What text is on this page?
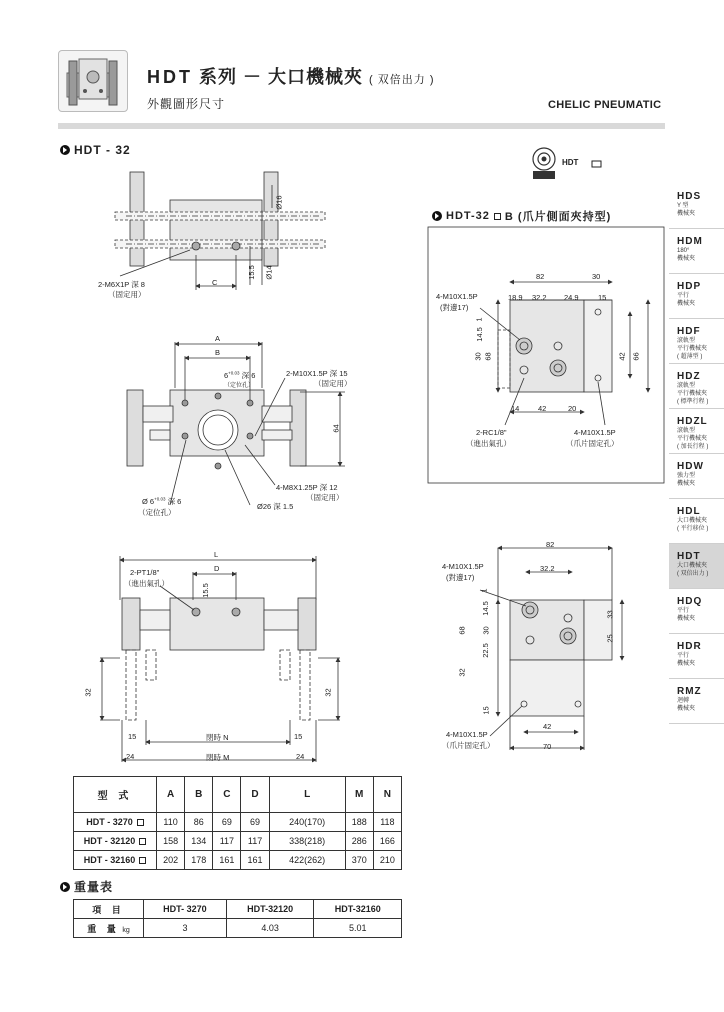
HDT 系列 － 大口機械夾 ( 双倍出力 )
外觀圖形尺寸	CHELIC PNEUMATIC
HDT - 32
HDT
2-M6X1P 深 8
（固定用）
C
Ø16
Ø14
15.5
A
B
$6^{+0.03}$ 深 6
（定位孔）
2-M10X1.5P 深 15
（固定用）
64
4-M8X1.25P 深 12
（固定用）
Ø $6^{+0.03}$ 深 6
（定位孔）
Ø26 深 1.5
L
D
2-PT1/8"
（進出氣孔）	15.5
32	32
15	15
24	24
閉時 N
閉時 M
HDT-32 B (爪片側面夾持型)
4-M10X1.5P
(對邊17)
82	30
18.9 32.2 24.9	15
1
14.5
30 68	42 66
14 42	20
2-RC1/8"
（進出氣孔）
4-M10X1.5P
（爪片固定孔）
4-M10X1.5P
(對邊17)
82
32.2
1
14.5
30
22.5
68
33
25
32
15
4-M10X1.5P
（爪片固定孔）
42
70
型 式	A	B	C	D	L	M	N
HDT - 3270	110	86	69	69	240(170)	188	118
HDT - 32120	158	134	117	117	338(218)	286	166
HDT - 32160	202	178	161	161	422(262)	370	210
重量表
項 目	HDT- 3270	HDT-32120	HDT-32160
重 量 kg	3	4.03	5.01
HDS
Y 型
機械夾
HDM
180°
機械夾
HDP
平行
機械夾
HDF
滾軌型
平行機械夾
( 超薄型 )
HDZ
滾軌型
平行機械夾
( 標準行程 )
HDZL
滾軌型
平行機械夾
( 加長行程 )
HDW
強力型
機械夾
HDL
大口機械夾
( 平行移位 )
HDT
大口機械夾
( 双倍出力 )
HDQ
平行
機械夾
HDR
平行
機械夾
RMZ
迴轉
機械夾
